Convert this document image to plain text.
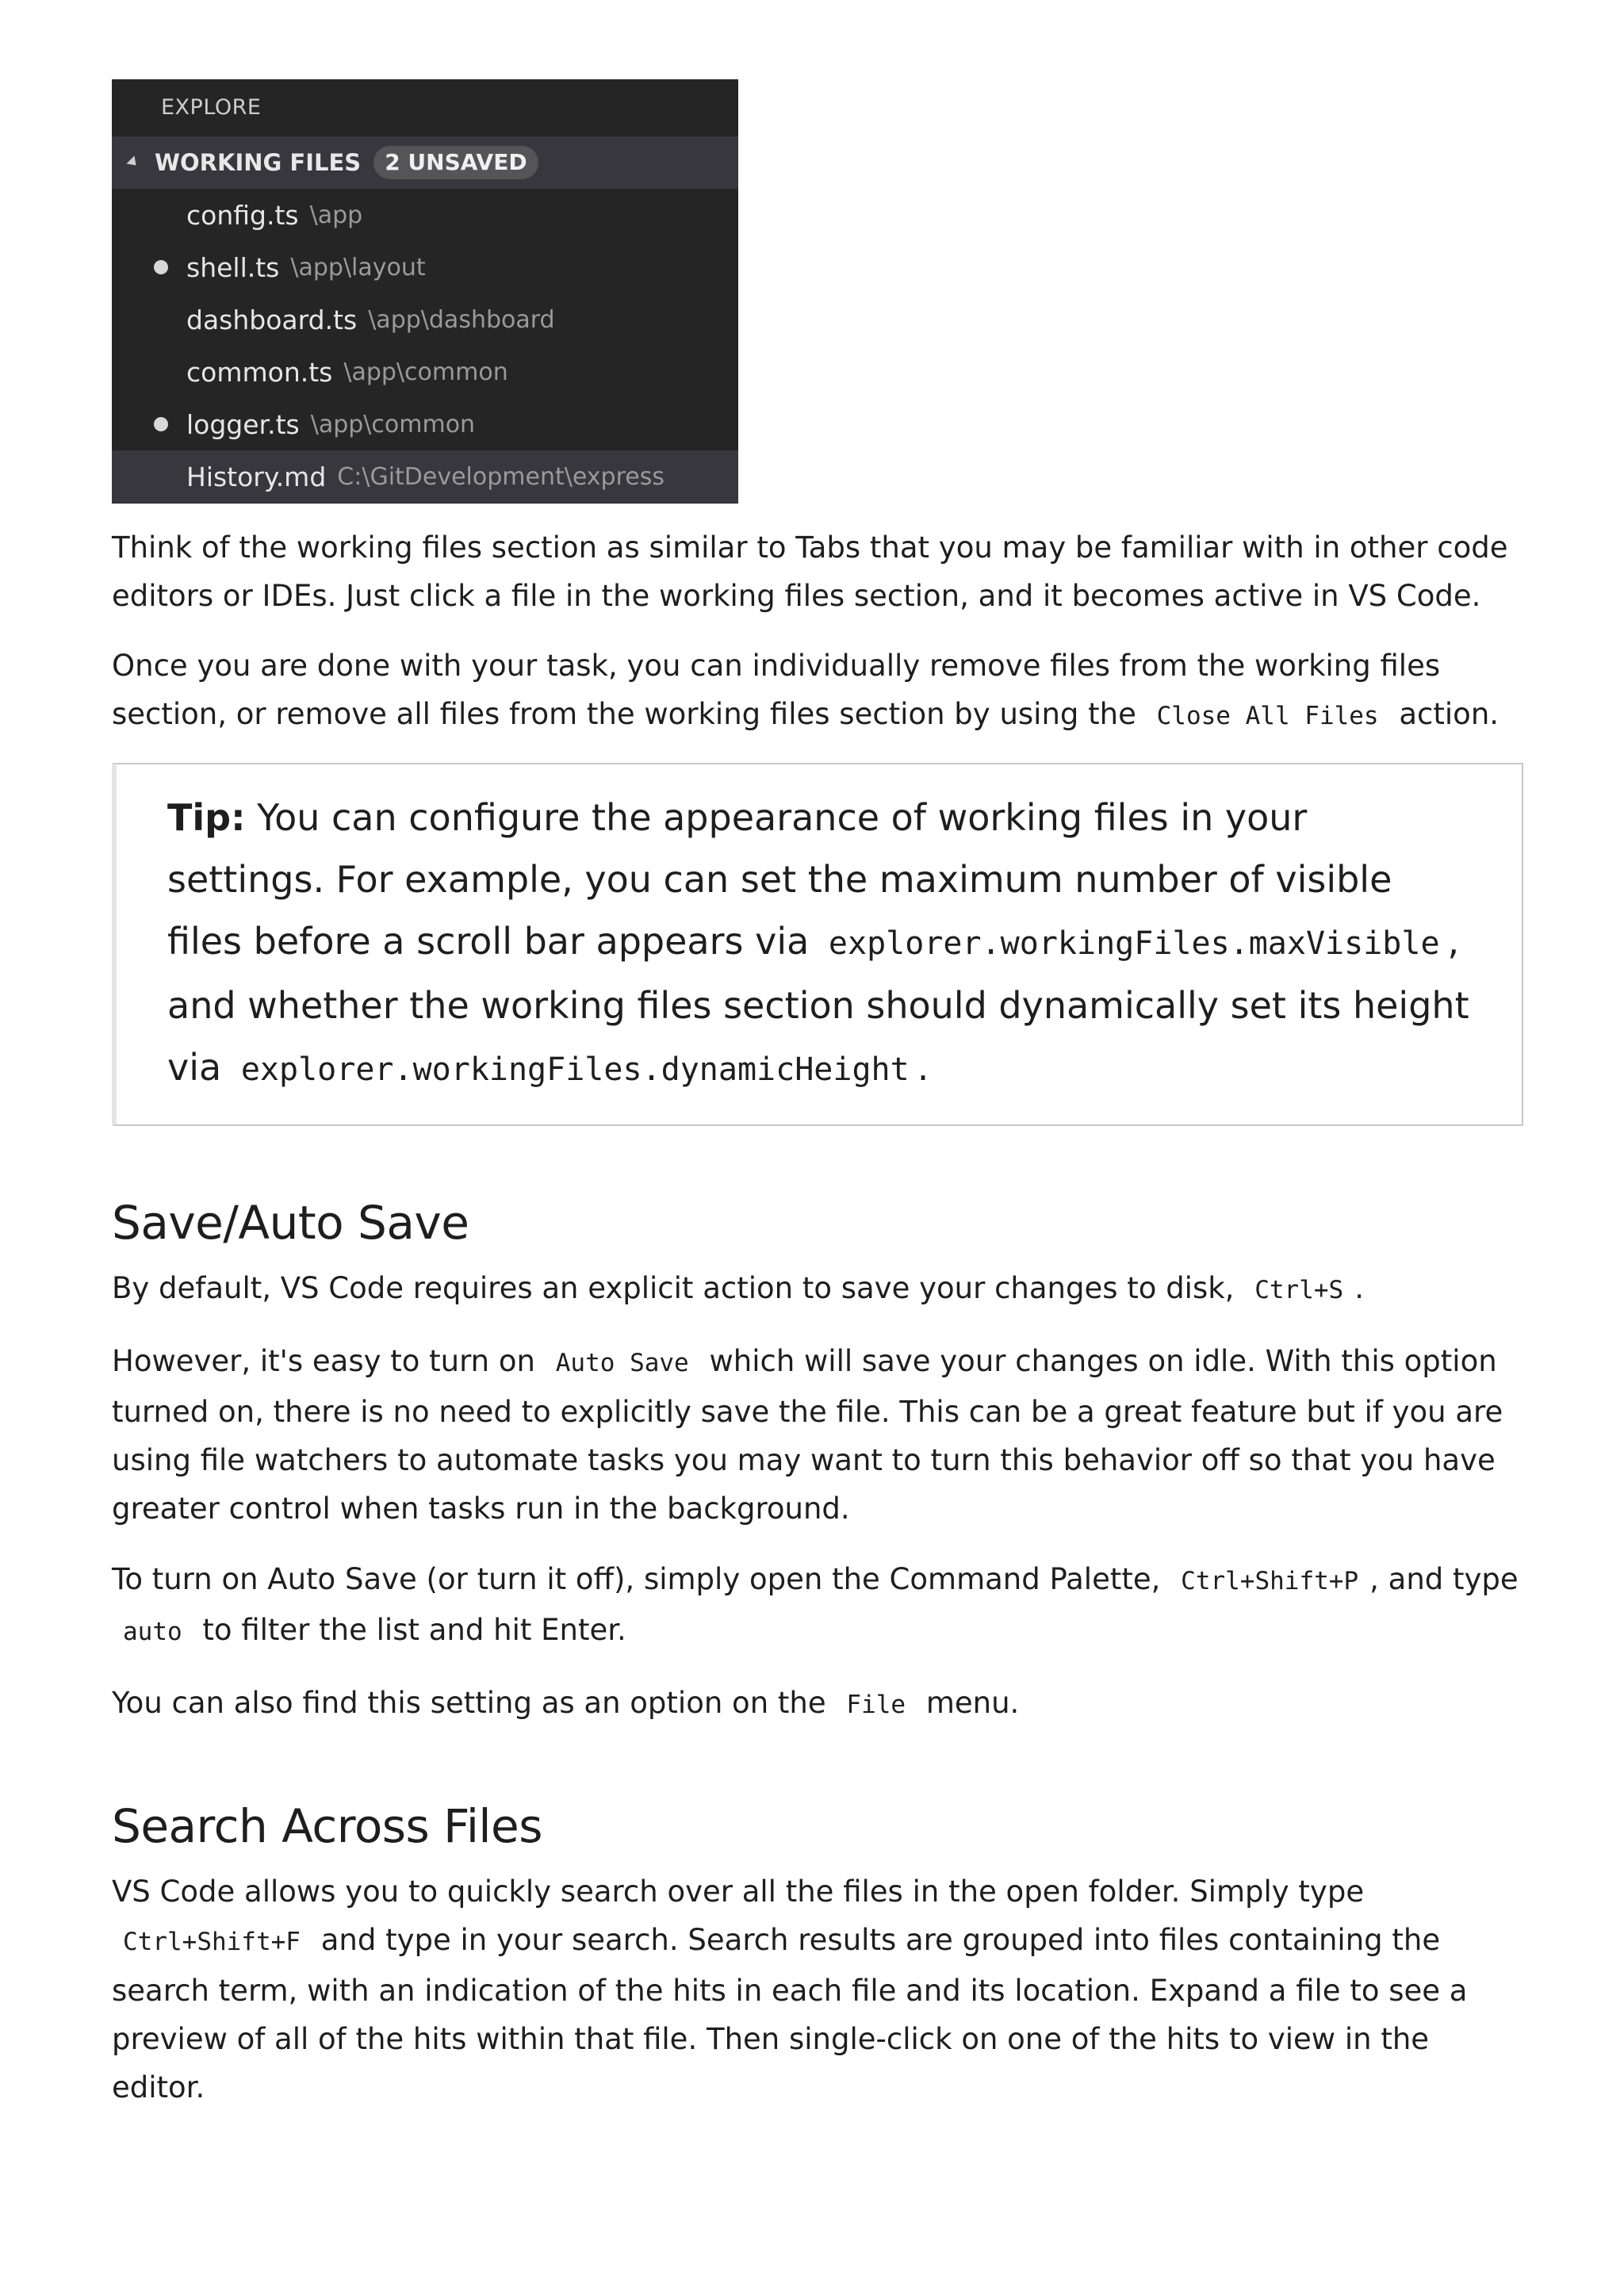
EXPLORE
WORKING FILES	2 UNSAVED
config.ts \app
shell.ts \app\layout
dashboard.ts \app\dashboard
common.ts \app\common
logger.ts \app\common
History.md C:\GitDevelopment\express

Think of the working files section as similar to Tabs that you may be familiar with in other code editors or IDEs. Just click a file in the working files section, and it becomes active in VS Code.

Once you are done with your task, you can individually remove files from the working files section, or remove all files from the working files section by using the Close All Files action.

Tip: You can configure the appearance of working files in your settings. For example, you can set the maximum number of visible files before a scroll bar appears via explorer.workingFiles.maxVisible , and whether the working files section should dynamically set its height via explorer.workingFiles.dynamicHeight .

Save/Auto Save

By default, VS Code requires an explicit action to save your changes to disk, Ctrl+S .

However, it's easy to turn on Auto Save which will save your changes on idle. With this option turned on, there is no need to explicitly save the file. This can be a great feature but if you are using file watchers to automate tasks you may want to turn this behavior off so that you have greater control when tasks run in the background.

To turn on Auto Save (or turn it off), simply open the Command Palette, Ctrl+Shift+P , and type auto to filter the list and hit Enter.

You can also find this setting as an option on the File menu.

Search Across Files

VS Code allows you to quickly search over all the files in the open folder. Simply type Ctrl+Shift+F and type in your search. Search results are grouped into files containing the search term, with an indication of the hits in each file and its location. Expand a file to see a preview of all of the hits within that file. Then single-click on one of the hits to view in the editor.
